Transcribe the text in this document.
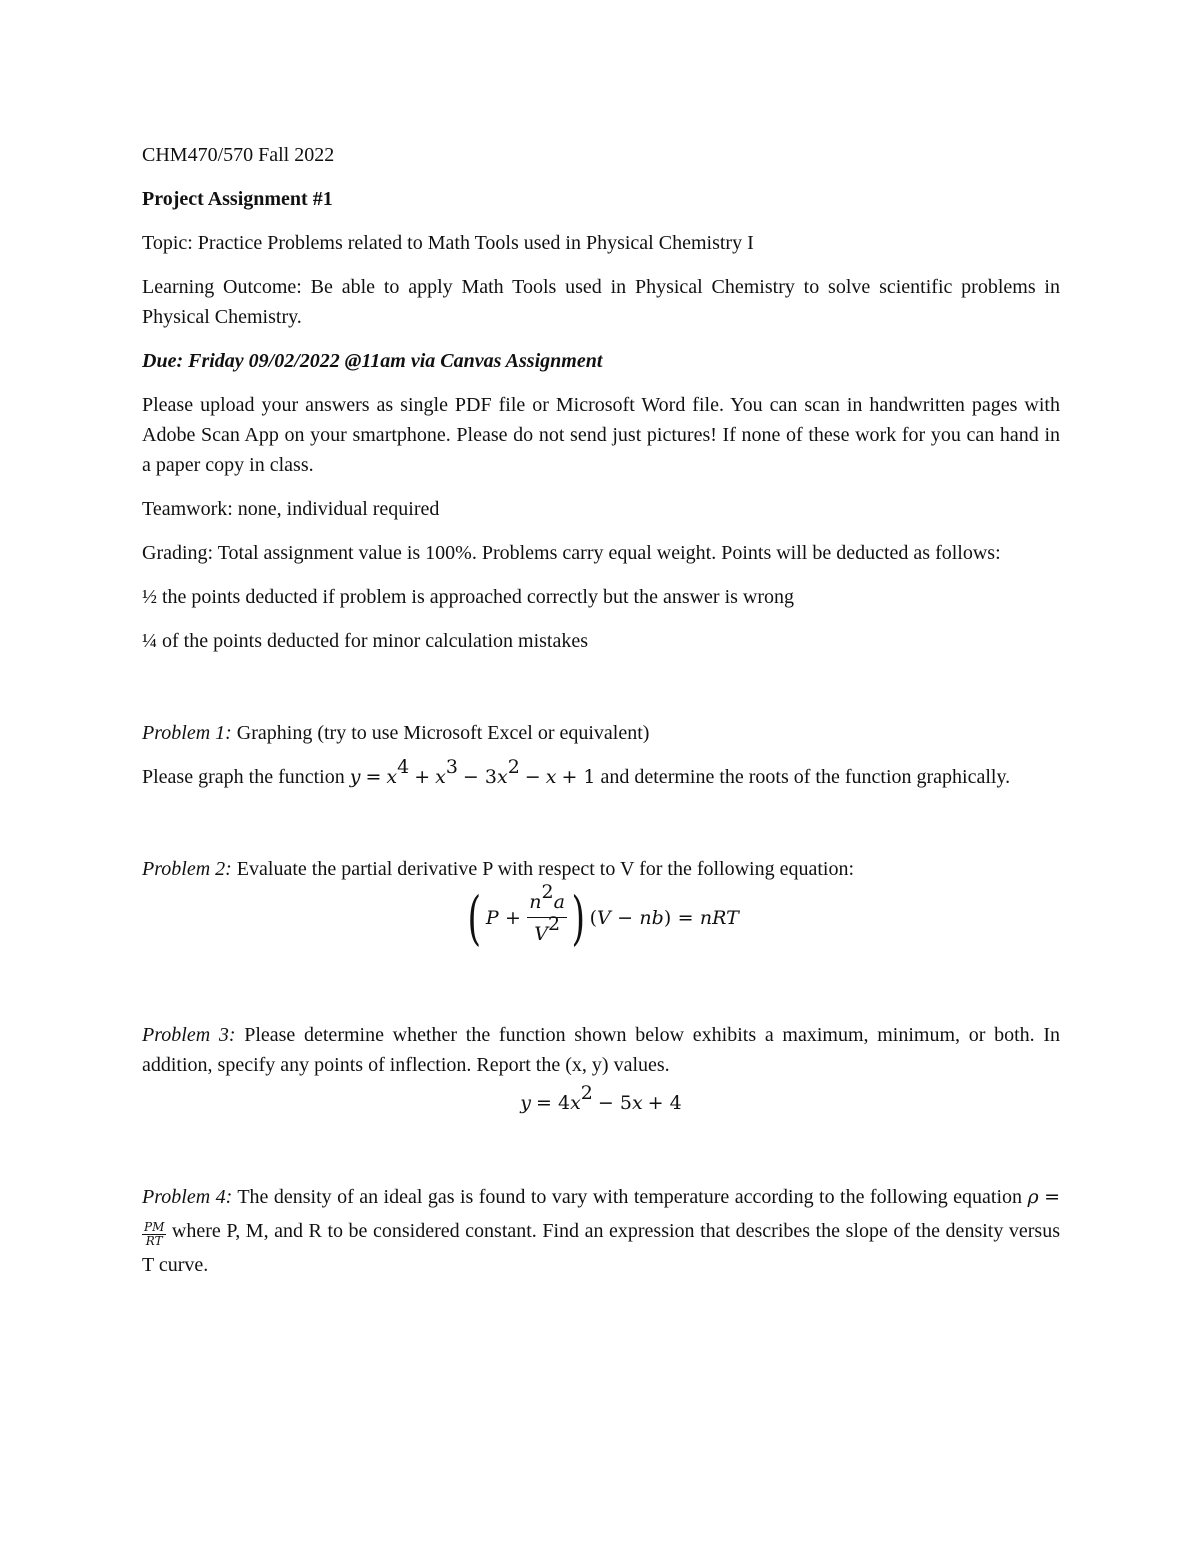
CHM470/570 Fall 2022

Project Assignment #1

Topic: Practice Problems related to Math Tools used in Physical Chemistry I

Learning Outcome: Be able to apply Math Tools used in Physical Chemistry to solve scientific problems in Physical Chemistry.

Due: Friday 09/02/2022 @11am via Canvas Assignment

Please upload your answers as single PDF file or Microsoft Word file. You can scan in handwritten pages with Adobe Scan App on your smartphone. Please do not send just pictures! If none of these work for you can hand in a paper copy in class.

Teamwork: none, individual required

Grading: Total assignment value is 100%. Problems carry equal weight. Points will be deducted as follows:

½ the points deducted if problem is approached correctly but the answer is wrong

¼ of the points deducted for minor calculation mistakes

Problem 1: Graphing (try to use Microsoft Excel or equivalent)

Please graph the function $y = x^4 + x^3 - 3x^2 - x + 1$ and determine the roots of the function graphically.

Problem 2: Evaluate the partial derivative P with respect to V for the following equation:

( P
+
$\frac{n^2a}{V^2}$ ) ( V
−
nb )
=
nRT

Problem 3: Please determine whether the function shown below exhibits a maximum, minimum, or both. In addition, specify any points of inflection. Report the (x, y) values.

$y = 4x^2 - 5x + 4$

Problem 4: The density of an ideal gas is found to vary with temperature according to the following equation ρ =
$\frac{PM}{RT}$ where P, M, and R to be considered constant. Find an expression that describes the slope of the density versus T curve.
